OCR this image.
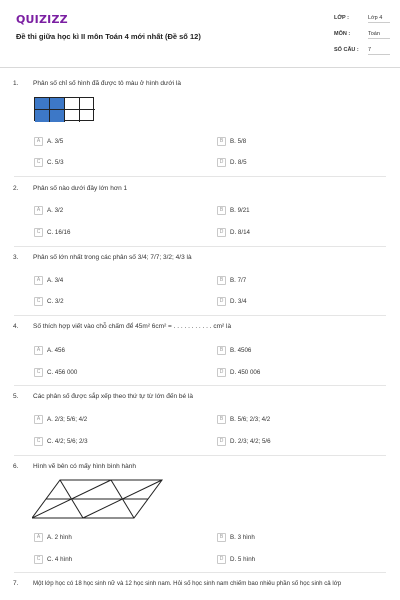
QUIZIZZ
Đề thi giữa học kì II môn Toán 4 mới nhất (Đề số 12)
LỚP :	Lớp 4
MÔN :	Toán
SỐ CÂU : 7
1. Phân số chỉ số hình đã được tô màu ở hình dưới là
A A. 3/5	B B. 5/8
C C. 5/3	D D. 8/5
2. Phân số nào dưới đây lớn hơn 1
A A. 3/2	B B. 9/21
C C. 16/16	D D. 8/14
3. Phân số lớn nhất trong các phân số 3/4; 7/7; 3/2; 4/3 là
A A. 3/4	B B. 7/7
C C. 3/2	D D. 3/4
4. Số thích hợp viết vào chỗ chấm để 45m² 6cm² = . . . . . . . . . . . cm² là
A A. 456	B B. 4506
C C. 456 000	D D. 450 006
5. Các phân số được sắp xếp theo thứ tự từ lớn đến bé là
A A. 2/3; 5/6; 4/2	B B. 5/6; 2/3; 4/2
C C. 4/2; 5/6; 2/3	D D. 2/3; 4/2; 5/6
6. Hình vẽ bên có mấy hình bình hành
A A. 2 hình	B B. 3 hình
C C. 4 hình	D D. 5 hình
7. Một lớp học có 18 học sinh nữ và 12 học sinh nam. Hỏi số học sinh nam chiếm bao nhiêu phần số học sinh cả lớp
